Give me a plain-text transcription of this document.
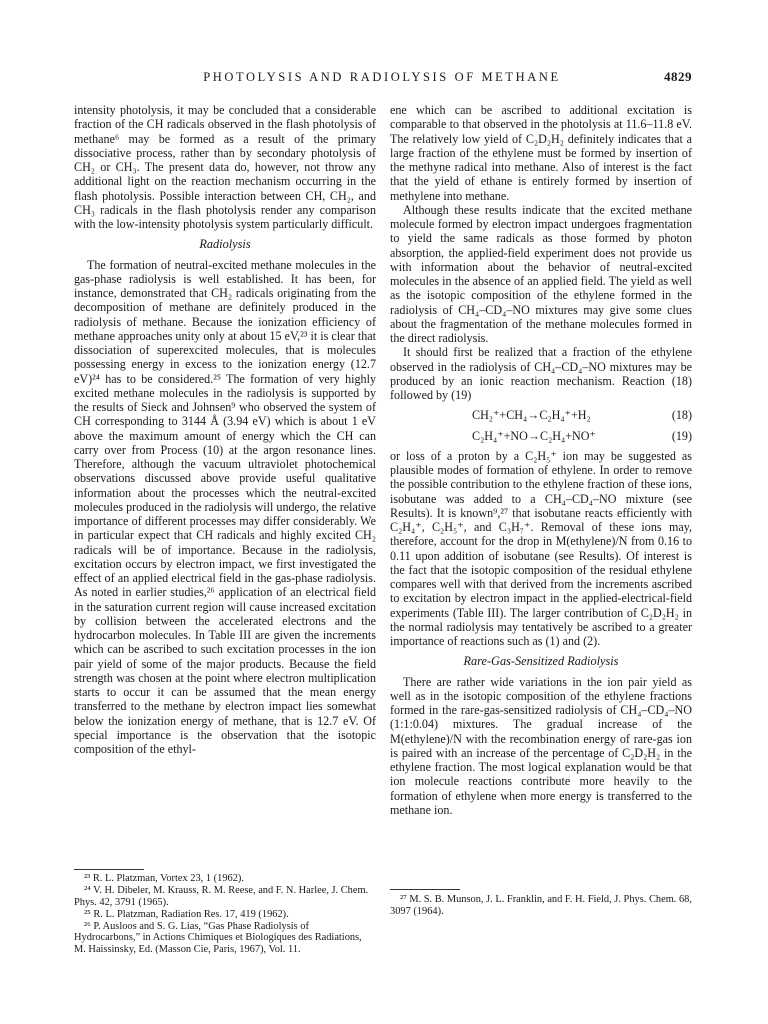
PHOTOLYSIS AND RADIOLYSIS OF METHANE	4829

intensity photolysis, it may be concluded that a considerable fraction of the CH radicals observed in the flash photolysis of methane⁶ may be formed as a result of the primary dissociative process, rather than by secondary photolysis of CH₂ or CH₃. The present data do, however, not throw any additional light on the reaction mechanism occurring in the flash photolysis. Possible interaction between CH, CH₂, and CH₃ radicals in the flash photolysis render any comparison with the low-intensity photolysis system particularly difficult.

Radiolysis

The formation of neutral-excited methane molecules in the gas-phase radiolysis is well established. It has been, for instance, demonstrated that CH₂ radicals originating from the decomposition of methane are definitely produced in the radiolysis of methane. Because the ionization efficiency of methane approaches unity only at about 15 eV,²³ it is clear that dissociation of superexcited molecules, that is molecules possessing energy in excess to the ionization energy (12.7 eV)²⁴ has to be considered.²⁵ The formation of very highly excited methane molecules in the radiolysis is supported by the results of Sieck and Johnsen⁹ who observed the system of CH corresponding to 3144 Å (3.94 eV) which is about 1 eV above the maximum amount of energy which the CH can carry over from Process (10) at the argon resonance lines. Therefore, although the vacuum ultraviolet photochemical observations discussed above provide useful qualitative information about the processes which the neutral-excited molecules produced in the radiolysis will undergo, the relative importance of different processes may differ considerably. We in particular expect that CH radicals and highly excited CH₂ radicals will be of importance. Because in the radiolysis, excitation occurs by electron impact, we first investigated the effect of an applied electrical field in the gas-phase radiolysis. As noted in earlier studies,²⁶ application of an electrical field in the saturation current region will cause increased excitation by collision between the accelerated electrons and the hydrocarbon molecules. In Table III are given the increments which can be ascribed to such excitation processes in the ion pair yield of some of the major products. Because the field strength was chosen at the point where electron multiplication starts to occur it can be assumed that the mean energy transferred to the methane by electron impact lies somewhat below the ionization energy of methane, that is 12.7 eV. Of special importance is the observation that the isotopic composition of the ethyl-

ene which can be ascribed to additional excitation is comparable to that observed in the photolysis at 11.6–11.8 eV. The relatively low yield of C₂D₂H₂ definitely indicates that a large fraction of the ethylene must be formed by insertion of the methyne radical into methane. Also of interest is the fact that the yield of ethane is entirely formed by insertion of methylene into methane.

Although these results indicate that the excited methane molecule formed by electron impact undergoes fragmentation to yield the same radicals as those formed by photon absorption, the applied-field experiment does not provide us with information about the behavior of neutral-excited molecules in the absence of an applied field. The yield as well as the isotopic composition of the ethylene formed in the radiolysis of CH₄–CD₄–NO mixtures may give some clues about the fragmentation of the methane molecules formed in the direct radiolysis.

It should first be realized that a fraction of the ethylene observed in the radiolysis of CH₄–CD₄–NO mixtures may be produced by an ionic reaction mechanism. Reaction (18) followed by (19)

CH₂⁺+CH₄→C₂H₄⁺+H₂	(18)
C₂H₄⁺+NO→C₂H₄+NO⁺	(19)

or loss of a proton by a C₂H₅⁺ ion may be suggested as plausible modes of formation of ethylene. In order to remove the possible contribution to the ethylene fraction of these ions, isobutane was added to a CH₄–CD₄–NO mixture (see Results). It is known⁹,²⁷ that isobutane reacts efficiently with C₂H₄⁺, C₂H₅⁺, and C₃H₇⁺. Removal of these ions may, therefore, account for the drop in M(ethylene)/N from 0.16 to 0.11 upon addition of isobutane (see Results). Of interest is the fact that the isotopic composition of the residual ethylene compares well with that derived from the increments ascribed to excitation by electron impact in the applied-electrical-field experiments (Table III). The larger contribution of C₂D₂H₂ in the normal radiolysis may tentatively be ascribed to a greater importance of reactions such as (1) and (2).

Rare-Gas-Sensitized Radiolysis

There are rather wide variations in the ion pair yield as well as in the isotopic composition of the ethylene fractions formed in the rare-gas-sensitized radiolysis of CH₄–CD₄–NO (1:1:0.04) mixtures. The gradual increase of the M(ethylene)/N with the recombination energy of rare-gas ion is paired with an increase of the percentage of C₂D₂H₂ in the ethylene fraction. The most logical explanation would be that ion molecule reactions contribute more heavily to the formation of ethylene when more energy is transferred to the methane ion.

²³ R. L. Platzman, Vortex 23, 1 (1962).

²⁴ V. H. Dibeler, M. Krauss, R. M. Reese, and F. N. Harlee, J. Chem. Phys. 42, 3791 (1965).

²⁵ R. L. Platzman, Radiation Res. 17, 419 (1962).

²⁶ P. Ausloos and S. G. Lias, “Gas Phase Radiolysis of Hydrocarbons,” in Actions Chimiques et Biologiques des Radiations, M. Haissinsky, Ed. (Masson Cie, Paris, 1967), Vol. 11.

²⁷ M. S. B. Munson, J. L. Franklin, and F. H. Field, J. Phys. Chem. 68, 3097 (1964).
